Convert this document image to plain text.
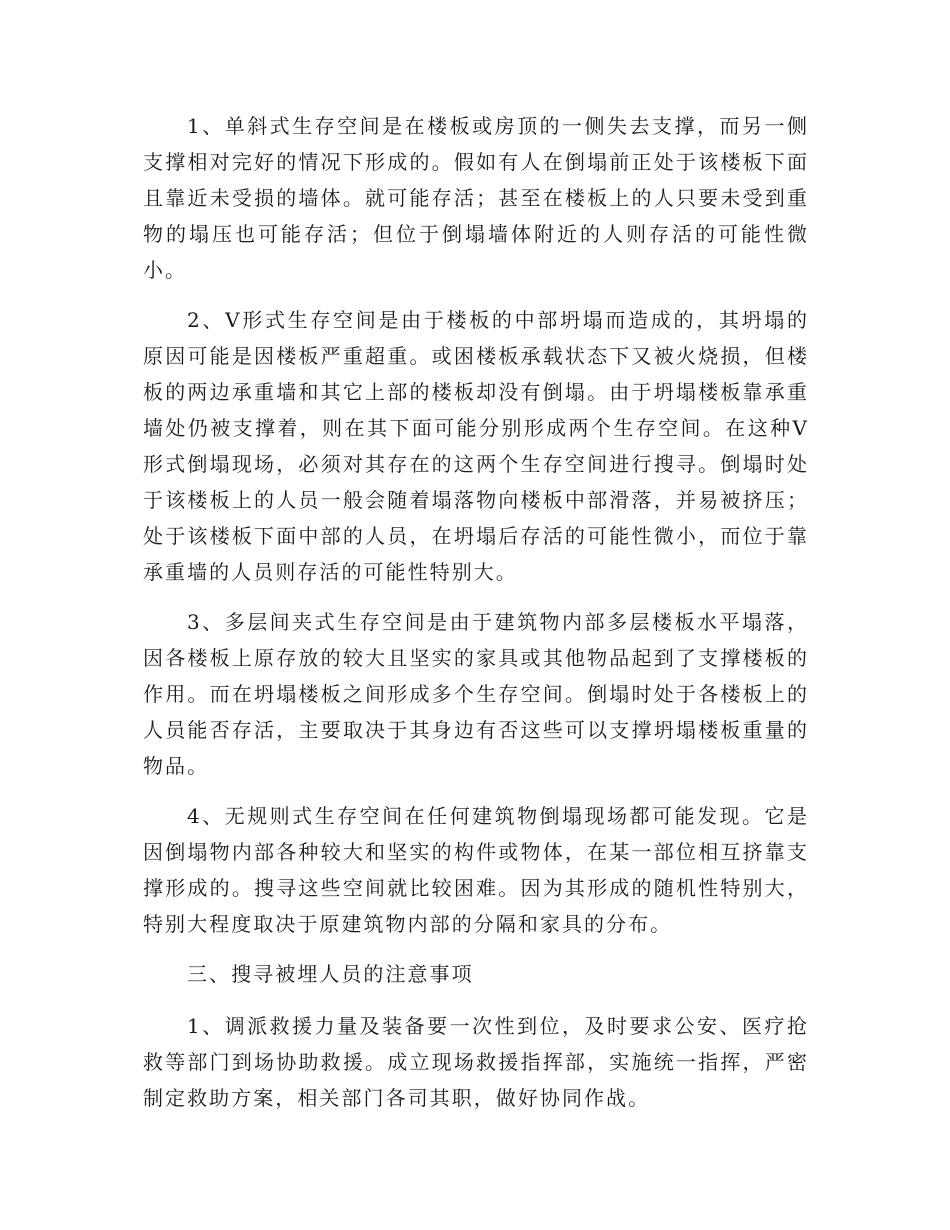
1、单斜式生存空间是在楼板或房顶的一侧失去支撑，而另一侧支撑相对完好的情况下形成的。假如有人在倒塌前正处于该楼板下面且靠近未受损的墙体。就可能存活；甚至在楼板上的人只要未受到重物的塌压也可能存活；但位于倒塌墙体附近的人则存活的可能性微小。

2、V形式生存空间是由于楼板的中部坍塌而造成的，其坍塌的原因可能是因楼板严重超重。或困楼板承载状态下又被火烧损，但楼板的两边承重墙和其它上部的楼板却没有倒塌。由于坍塌楼板靠承重墙处仍被支撑着，则在其下面可能分别形成两个生存空间。在这种V形式倒塌现场，必须对其存在的这两个生存空间进行搜寻。倒塌时处于该楼板上的人员一般会随着塌落物向楼板中部滑落，并易被挤压；处于该楼板下面中部的人员，在坍塌后存活的可能性微小，而位于靠承重墙的人员则存活的可能性特别大。

3、多层间夹式生存空间是由于建筑物内部多层楼板水平塌落，因各楼板上原存放的较大且坚实的家具或其他物品起到了支撑楼板的作用。而在坍塌楼板之间形成多个生存空间。倒塌时处于各楼板上的人员能否存活，主要取决于其身边有否这些可以支撑坍塌楼板重量的物品。

4、无规则式生存空间在任何建筑物倒塌现场都可能发现。它是因倒塌物内部各种较大和坚实的构件或物体，在某一部位相互挤靠支撑形成的。搜寻这些空间就比较困难。因为其形成的随机性特别大，特别大程度取决于原建筑物内部的分隔和家具的分布。

三、搜寻被埋人员的注意事项

1、调派救援力量及装备要一次性到位，及时要求公安、医疗抢救等部门到场协助救援。成立现场救援指挥部，实施统一指挥，严密制定救助方案，相关部门各司其职，做好协同作战。
